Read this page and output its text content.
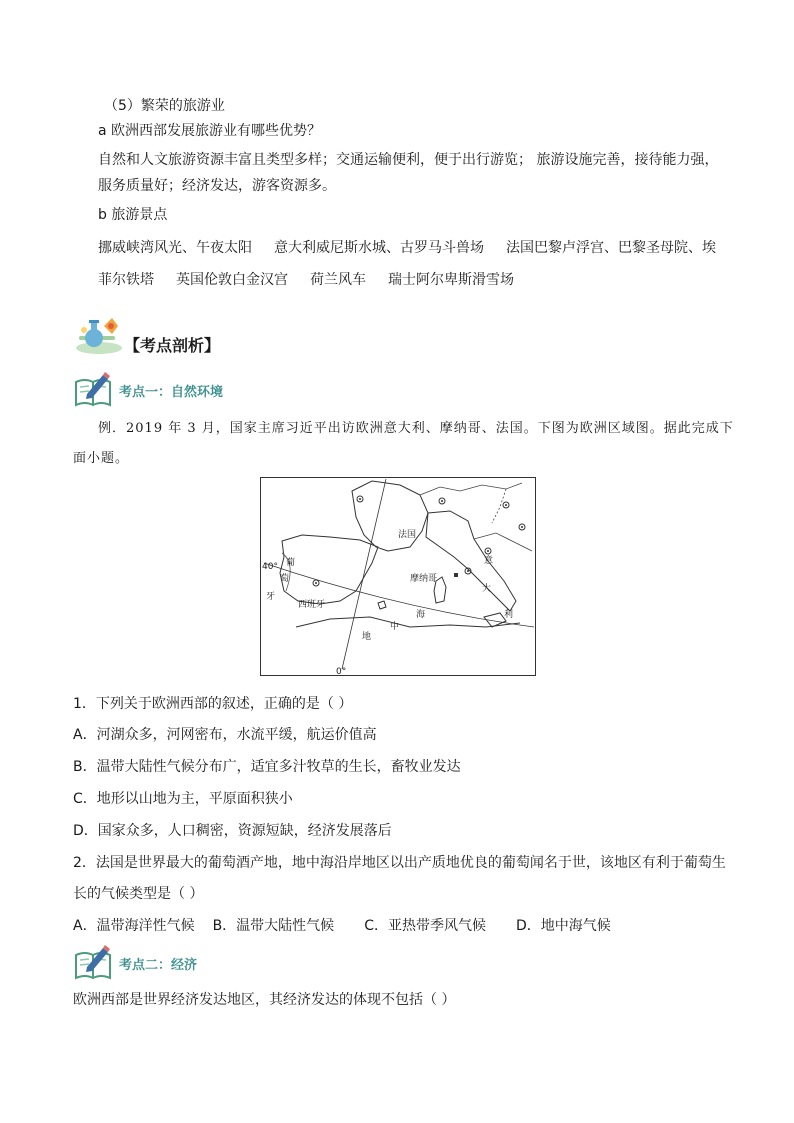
（5）繁荣的旅游业
a 欧洲西部发展旅游业有哪些优势？
自然和人文旅游资源丰富且类型多样；交通运输便利，便于出行游览； 旅游设施完善，接待能力强，
服务质量好；经济发达，游客资源多。
b 旅游景点
挪威峡湾风光、午夜太阳 意大利威尼斯水城、古罗马斗兽场 法国巴黎卢浮宫、巴黎圣母院、埃
菲尔铁塔 英国伦敦白金汉宫 荷兰风车 瑞士阿尔卑斯滑雪场
【考点剖析】
考点一：自然环境
例．2019 年 3 月，国家主席习近平出访欧洲意大利、摩纳哥、法国。下图为欧洲区域图。据此完成下
面小题。
法国
葡
萄
牙
西班牙
摩纳哥
意
大
利
地
中
海
40°
0°
1．下列关于欧洲西部的叙述，正确的是（ ）
A．河湖众多，河网密布，水流平缓，航运价值高
B．温带大陆性气候分布广，适宜多汁牧草的生长，畜牧业发达
C．地形以山地为主，平原面积狭小
D．国家众多，人口稠密，资源短缺，经济发展落后
2．法国是世界最大的葡萄酒产地，地中海沿岸地区以出产质地优良的葡萄闻名于世，该地区有利于葡萄生
长的气候类型是（ ）
A．温带海洋性气候 B．温带大陆性气候 C．亚热带季风气候 D．地中海气候
考点二：经济
欧洲西部是世界经济发达地区，其经济发达的体现不包括（ ）
